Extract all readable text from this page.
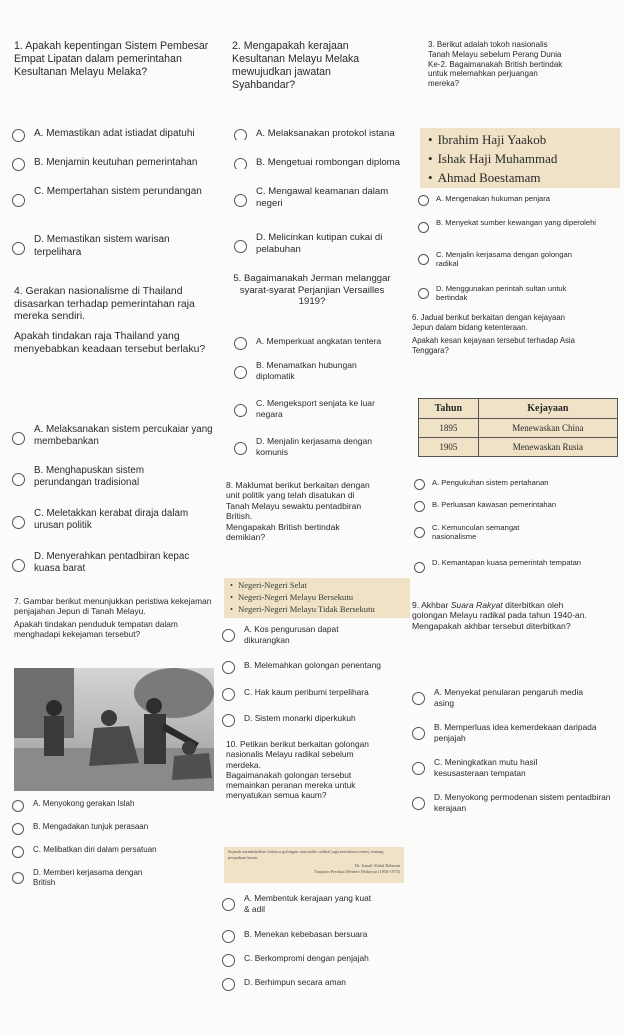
1. Apakah kepentingan Sistem Pembesar Empat Lipatan dalam pemerintahan Kesultanan Melayu Melaka?
A. Memastikan adat istiadat dipatuhi
B. Menjamin keutuhan pemerintahan
C. Mempertahan sistem perundangan
D. Memastikan sistem warisan terpelihara
2. Mengapakah kerajaan Kesultanan Melayu Melaka mewujudkan jawatan Syahbandar?
A. Melaksanakan protokol istana
B. Mengetuai rombongan diploma
C. Mengawal keamanan dalam negeri
D. Melicinkan kutipan cukai di pelabuhan
3. Berikut adalah tokoh nasionalis Tanah Melayu sebelum Perang Dunia Ke-2. Bagaimanakah British bertindak untuk melemahkan perjuangan mereka?
• Ibrahim Haji Yaakob
• Ishak Haji Muhammad
• Ahmad Boestamam
A. Mengenakan hukuman penjara
B. Menyekat sumber kewangan yang diperolehi
C. Menjalin kerjasama dengan golongan radikal
D. Menggunakan perintah sultan untuk bertindak
4. Gerakan nasionalisme di Thailand disasarkan terhadap pemerintahan raja mereka sendiri.
Apakah tindakan raja Thailand yang menyebabkan keadaan tersebut berlaku?
A. Melaksanakan sistem percukaiar yang membebankan
B. Menghapuskan sistem perundangan tradisional
C. Meletakkan kerabat diraja dalam urusan politik
D. Menyerahkan pentadbiran kepac kuasa barat
5. Bagaimanakah Jerman melanggar syarat-syarat Perjanjian Versailles 1919?
A. Memperkuat angkatan tentera
B. Menamatkan hubungan diplomatik
C. Mengeksport senjata ke luar negara
D. Menjalin kerjasama dengan komunis
6. Jadual berikut berkaitan dengan kejayaan Jepun dalam bidang ketenteraan.
Apakah kesan kejayaan tersebut terhadap Asia Tenggara?
Tahun	Kejayaan
1895	Menewaskan China
1905	Menewaskan Rusia
A. Pengukuhan sistem pertahanan
B. Perluasan kawasan pemerintahan
C. Kemunculan semangat nasionalisme
D. Kemantapan kuasa pemerintah tempatan
7. Gambar berikut menunjukkan peristiwa kekejaman penjajahan Jepun di Tanah Melayu.
Apakah tindakan penduduk tempatan dalam menghadapi kekejaman tersebut?
A. Menyokong gerakan Islah
B. Mengadakan tunjuk perasaan
C. Melibatkan diri dalam persatuan
D. Memberi kerjasama dengan British
8. Maklumat berikut berkaitan dengan unit politik yang telah disatukan di Tanah Melayu sewaktu pentadbiran British.
Mengapakah British bertindak demikian?
• Negeri-Negeri Selat
• Negeri-Negeri Melayu Bersekutu
• Negeri-Negeri Melayu Tidak Bersekutu
A. Kos pengurusan dapat dikurangkan
B. Melemahkan golongan penentang
C. Hak kaum peribumi terpelihara
D. Sistem monarki diperkukuh
9. Akhbar Suara Rakyat diterbitkan oleh golongan Melayu radikal pada tahun 1940-an. Mengapakah akhbar tersebut diterbitkan?
A. Menyekat penularan pengaruh media asing
B. Memperluas idea kemerdekaan daripada penjajah
C. Meningkatkan mutu hasil kesusasteraan tempatan
D. Menyokong permodenan sistem pentadbiran kerajaan
10. Petikan berikut berkaitan golongan nasionalis Melayu radikal sebelum merdeka.
Bagaimanakah golongan tersebut memainkan peranan mereka untuk menyatukan semua kaum?
Sejarah membuktikan bahawa golongan nasionalis radikal juga membawa mesej tentang perpaduan kaum.
Dr. Ismail Abdul Rahman
Tinjauan Perdana Menteri Malaysia (1950-1975)
A. Membentuk kerajaan yang kuat & adil
B. Menekan kebebasan bersuara
C. Berkompromi dengan penjajah
D. Berhimpun secara aman
